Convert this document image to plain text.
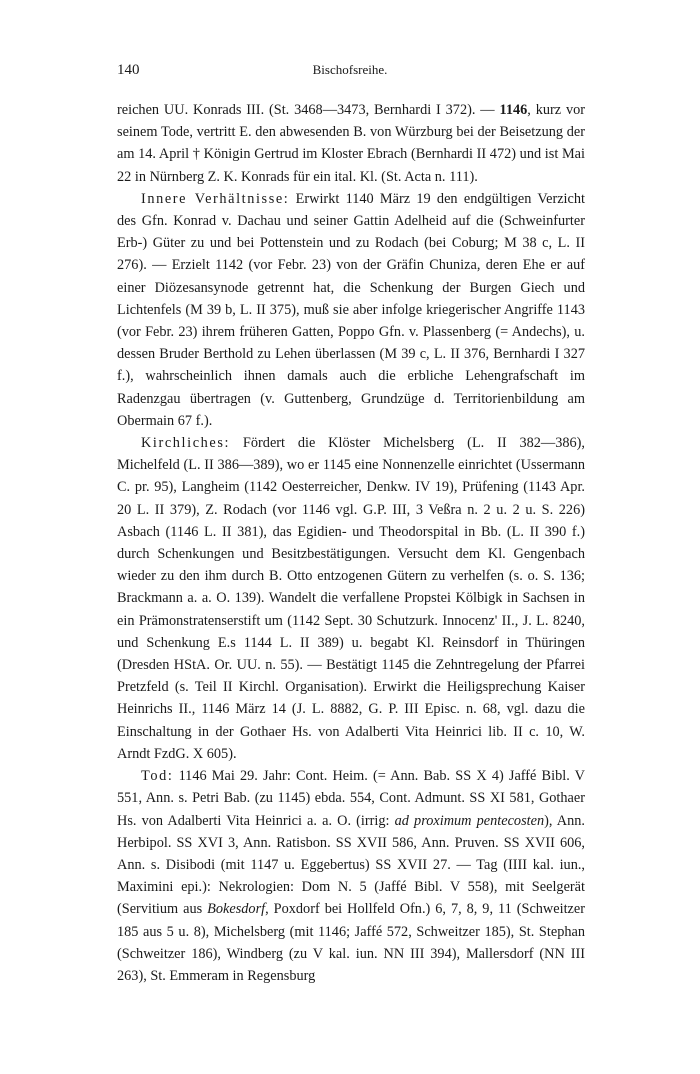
140	Bischofsreihe.

reichen UU. Konrads III. (St. 3468—3473, Bernhardi I 372). — 1146, kurz vor seinem Tode, vertritt E. den abwesenden B. von Würzburg bei der Beisetzung der am 14. April † Königin Gertrud im Kloster Ebrach (Bernhardi II 472) und ist Mai 22 in Nürnberg Z. K. Konrads für ein ital. Kl. (St. Acta n. 111).

Innere Verhältnisse: Erwirkt 1140 März 19 den endgültigen Verzicht des Gfn. Konrad v. Dachau und seiner Gattin Adelheid auf die (Schweinfurter Erb-) Güter zu und bei Pottenstein und zu Rodach (bei Coburg; M 38 c, L. II 276). — Erzielt 1142 (vor Febr. 23) von der Gräfin Chuniza, deren Ehe er auf einer Diözesansynode getrennt hat, die Schenkung der Burgen Giech und Lichtenfels (M 39 b, L. II 375), muß sie aber infolge kriegerischer Angriffe 1143 (vor Febr. 23) ihrem früheren Gatten, Poppo Gfn. v. Plassenberg (= Andechs), u. dessen Bruder Berthold zu Lehen überlassen (M 39 c, L. II 376, Bernhardi I 327 f.), wahrscheinlich ihnen damals auch die erbliche Lehengrafschaft im Radenzgau übertragen (v. Guttenberg, Grundzüge d. Territorienbildung am Obermain 67 f.).

Kirchliches: Fördert die Klöster Michelsberg (L. II 382—386), Michelfeld (L. II 386—389), wo er 1145 eine Nonnenzelle einrichtet (Ussermann C. pr. 95), Langheim (1142 Oesterreicher, Denkw. IV 19), Prüfening (1143 Apr. 20 L. II 379), Z. Rodach (vor 1146 vgl. G.P. III, 3 Veßra n. 2 u. 2 u. S. 226) Asbach (1146 L. II 381), das Egidien- und Theodorspital in Bb. (L. II 390 f.) durch Schenkungen und Besitzbestätigungen. Versucht dem Kl. Gengenbach wieder zu den ihm durch B. Otto entzogenen Gütern zu verhelfen (s. o. S. 136; Brackmann a. a. O. 139). Wandelt die verfallene Propstei Kölbigk in Sachsen in ein Prämonstratenserstift um (1142 Sept. 30 Schutzurk. Innocenz' II., J. L. 8240, und Schenkung E.s 1144 L. II 389) u. begabt Kl. Reinsdorf in Thüringen (Dresden HStA. Or. UU. n. 55). — Bestätigt 1145 die Zehntregelung der Pfarrei Pretzfeld (s. Teil II Kirchl. Organisation). Erwirkt die Heiligsprechung Kaiser Heinrichs II., 1146 März 14 (J. L. 8882, G. P. III Episc. n. 68, vgl. dazu die Einschaltung in der Gothaer Hs. von Adalberti Vita Heinrici lib. II c. 10, W. Arndt FzdG. X 605).

Tod: 1146 Mai 29. Jahr: Cont. Heim. (= Ann. Bab. SS X 4) Jaffé Bibl. V 551, Ann. s. Petri Bab. (zu 1145) ebda. 554, Cont. Admunt. SS XI 581, Gothaer Hs. von Adalberti Vita Heinrici a. a. O. (irrig: ad proximum pentecosten), Ann. Herbipol. SS XVI 3, Ann. Ratisbon. SS XVII 586, Ann. Pruven. SS XVII 606, Ann. s. Disibodi (mit 1147 u. Eggebertus) SS XVII 27. — Tag (IIII kal. iun., Maximini epi.): Nekrologien: Dom N. 5 (Jaffé Bibl. V 558), mit Seelgerät (Servitium aus Bokesdorf, Poxdorf bei Hollfeld Ofn.) 6, 7, 8, 9, 11 (Schweitzer 185 aus 5 u. 8), Michelsberg (mit 1146; Jaffé 572, Schweitzer 185), St. Stephan (Schweitzer 186), Windberg (zu V kal. iun. NN III 394), Mallersdorf (NN III 263), St. Emmeram in Regensburg
